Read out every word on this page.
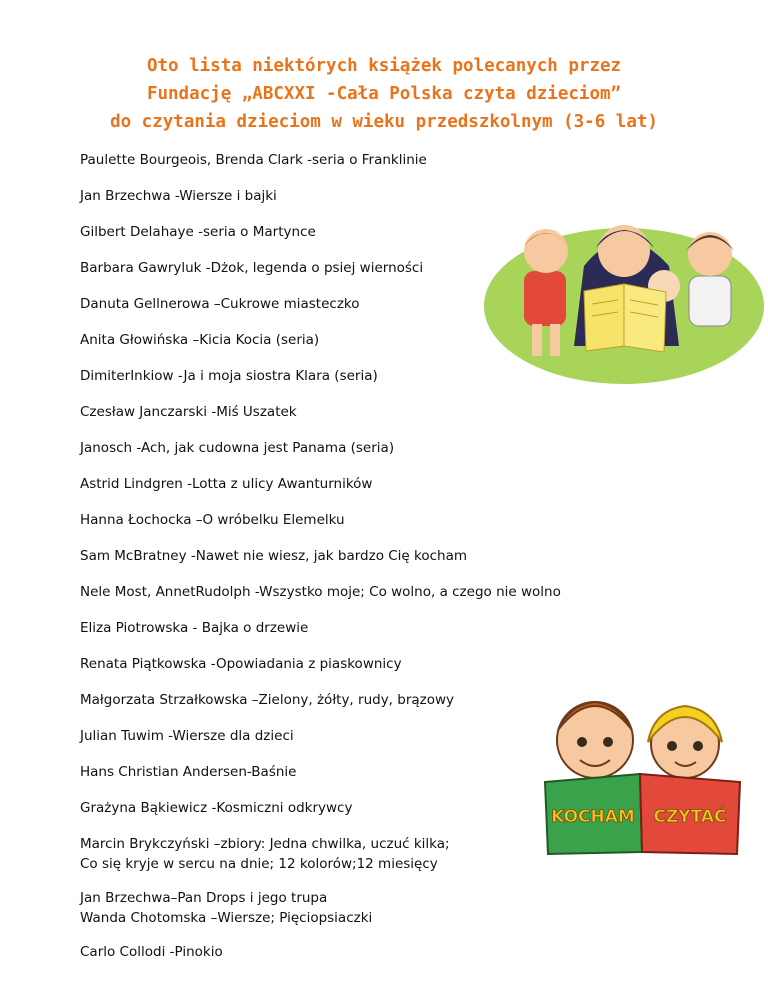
Oto lista niektórych książek polecanych przez
Fundację „ABCXXI -Cała Polska czyta dzieciom”
do czytania dzieciom w wieku przedszkolnym (3-6 lat)
Paulette Bourgeois, Brenda Clark -seria o Franklinie
Jan Brzechwa -Wiersze i bajki
Gilbert Delahaye -seria o Martynce
Barbara Gawryluk -Dżok, legenda o psiej wierności
Danuta Gellnerowa –Cukrowe miasteczko
Anita Głowińska –Kicia Kocia (seria)
DimiterInkiow -Ja i moja siostra Klara (seria)
Czesław Janczarski -Miś Uszatek
Janosch -Ach, jak cudowna jest Panama (seria)
Astrid Lindgren -Lotta z ulicy Awanturników
Hanna Łochocka –O wróbelku Elemelku
Sam McBratney -Nawet nie wiesz, jak bardzo Cię kocham
Nele Most, AnnetRudolph -Wszystko moje; Co wolno, a czego nie wolno
Eliza Piotrowska - Bajka o drzewie
Renata Piątkowska -Opowiadania z piaskownicy
Małgorzata Strzałkowska –Zielony, żółty, rudy, brązowy
Julian Tuwim -Wiersze dla dzieci
Hans Christian Andersen-Baśnie
Grażyna Bąkiewicz -Kosmiczni odkrywcy
Marcin Brykczyński –zbiory: Jedna chwilka, uczuć kilka;
Co się kryje w sercu na dnie; 12 kolorów;12 miesięcy
Jan Brzechwa–Pan Drops i jego trupa
Wanda Chotomska –Wiersze; Pięciopsiaczki
Carlo Collodi -Pinokio
KOCHAM CZYTAĆ
